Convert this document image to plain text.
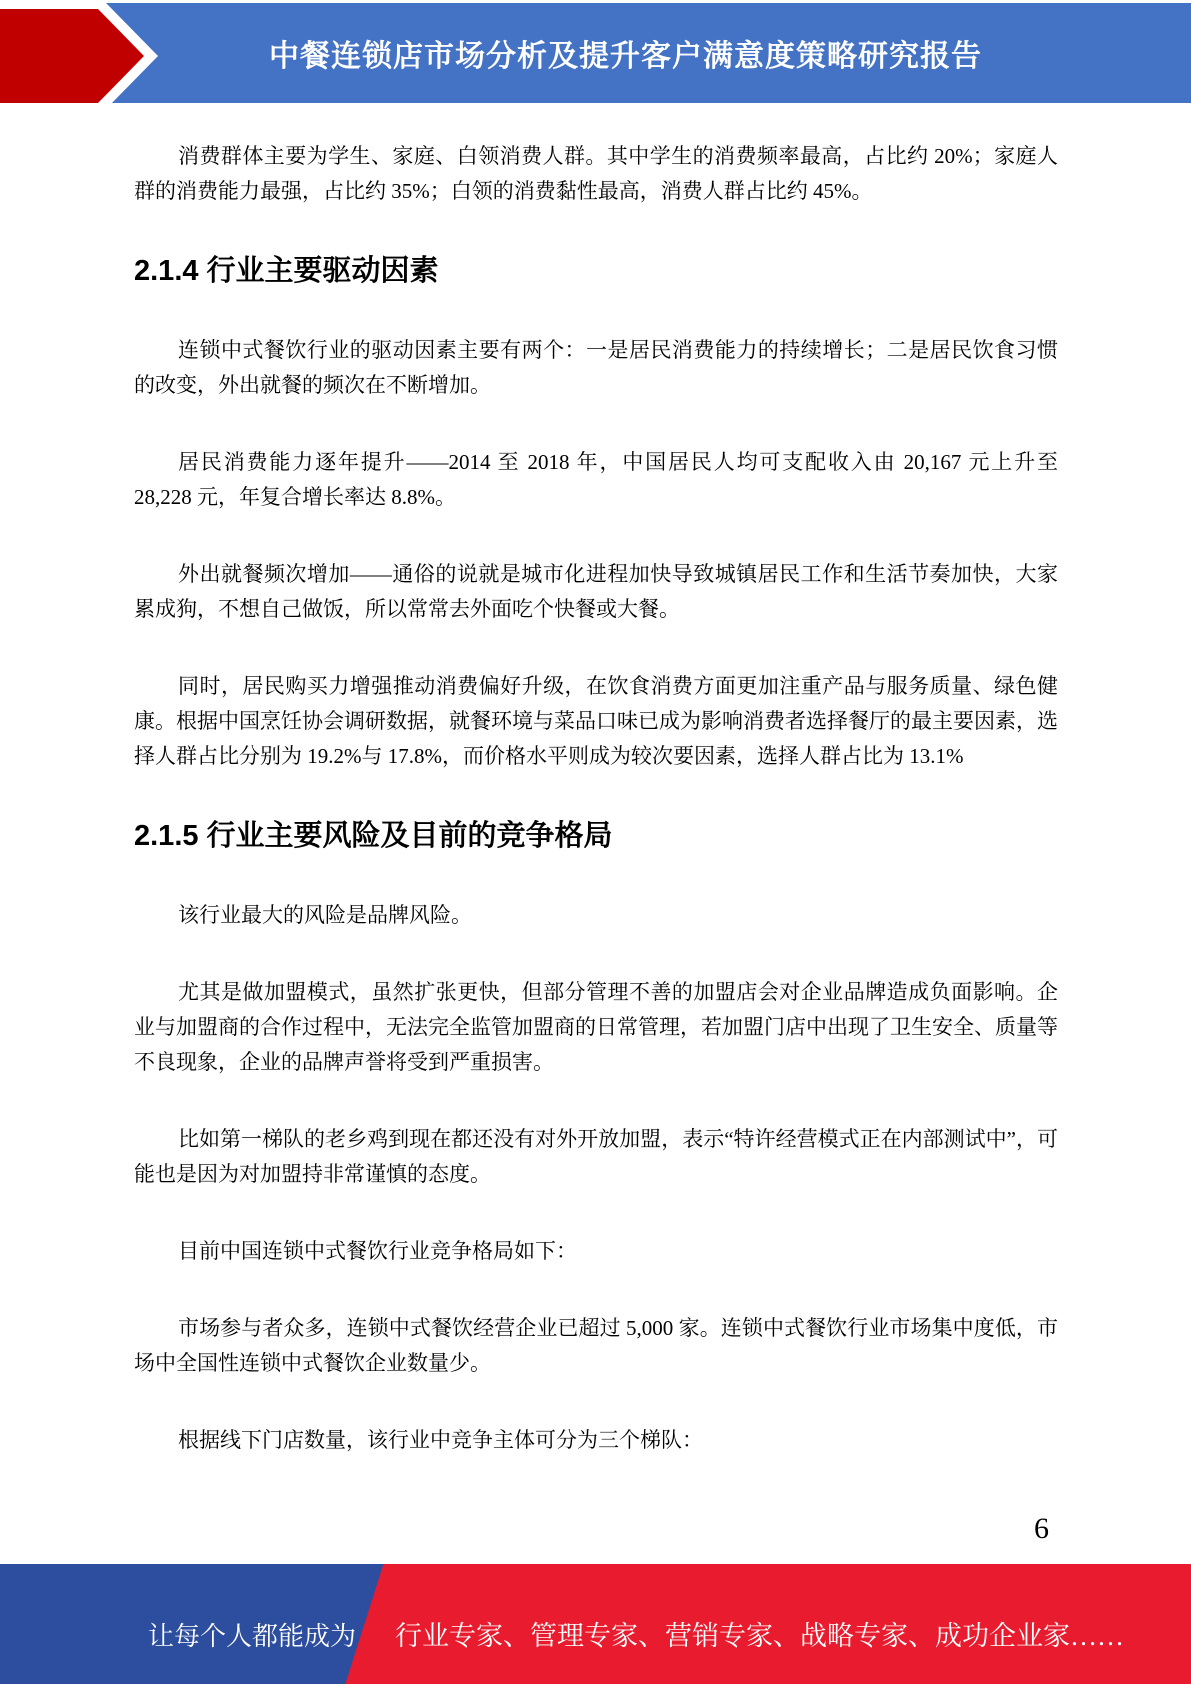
中餐连锁店市场分析及提升客户满意度策略研究报告

消费群体主要为学生、家庭、白领消费人群。其中学生的消费频率最高，占比约 20%；家庭人群的消费能力最强，占比约 35%；白领的消费黏性最高，消费人群占比约 45%。

2.1.4 行业主要驱动因素

连锁中式餐饮行业的驱动因素主要有两个：一是居民消费能力的持续增长；二是居民饮食习惯的改变，外出就餐的频次在不断增加。

居民消费能力逐年提升——2014 至 2018 年，中国居民人均可支配收入由 20,167 元上升至 28,228 元，年复合增长率达 8.8%。

外出就餐频次增加——通俗的说就是城市化进程加快导致城镇居民工作和生活节奏加快，大家累成狗，不想自己做饭，所以常常去外面吃个快餐或大餐。

同时，居民购买力增强推动消费偏好升级，在饮食消费方面更加注重产品与服务质量、绿色健康。根据中国烹饪协会调研数据，就餐环境与菜品口味已成为影响消费者选择餐厅的最主要因素，选择人群占比分别为 19.2%与 17.8%，而价格水平则成为较次要因素，选择人群占比为 13.1%

2.1.5 行业主要风险及目前的竞争格局

该行业最大的风险是品牌风险。

尤其是做加盟模式，虽然扩张更快，但部分管理不善的加盟店会对企业品牌造成负面影响。企业与加盟商的合作过程中，无法完全监管加盟商的日常管理，若加盟门店中出现了卫生安全、质量等不良现象，企业的品牌声誉将受到严重损害。

比如第一梯队的老乡鸡到现在都还没有对外开放加盟，表示“特许经营模式正在内部测试中”，可能也是因为对加盟持非常谨慎的态度。

目前中国连锁中式餐饮行业竞争格局如下：

市场参与者众多，连锁中式餐饮经营企业已超过 5,000 家。连锁中式餐饮行业市场集中度低，市场中全国性连锁中式餐饮企业数量少。

根据线下门店数量，该行业中竞争主体可分为三个梯队：

6
让每个人都能成为 行业专家、管理专家、营销专家、战略专家、成功企业家……
